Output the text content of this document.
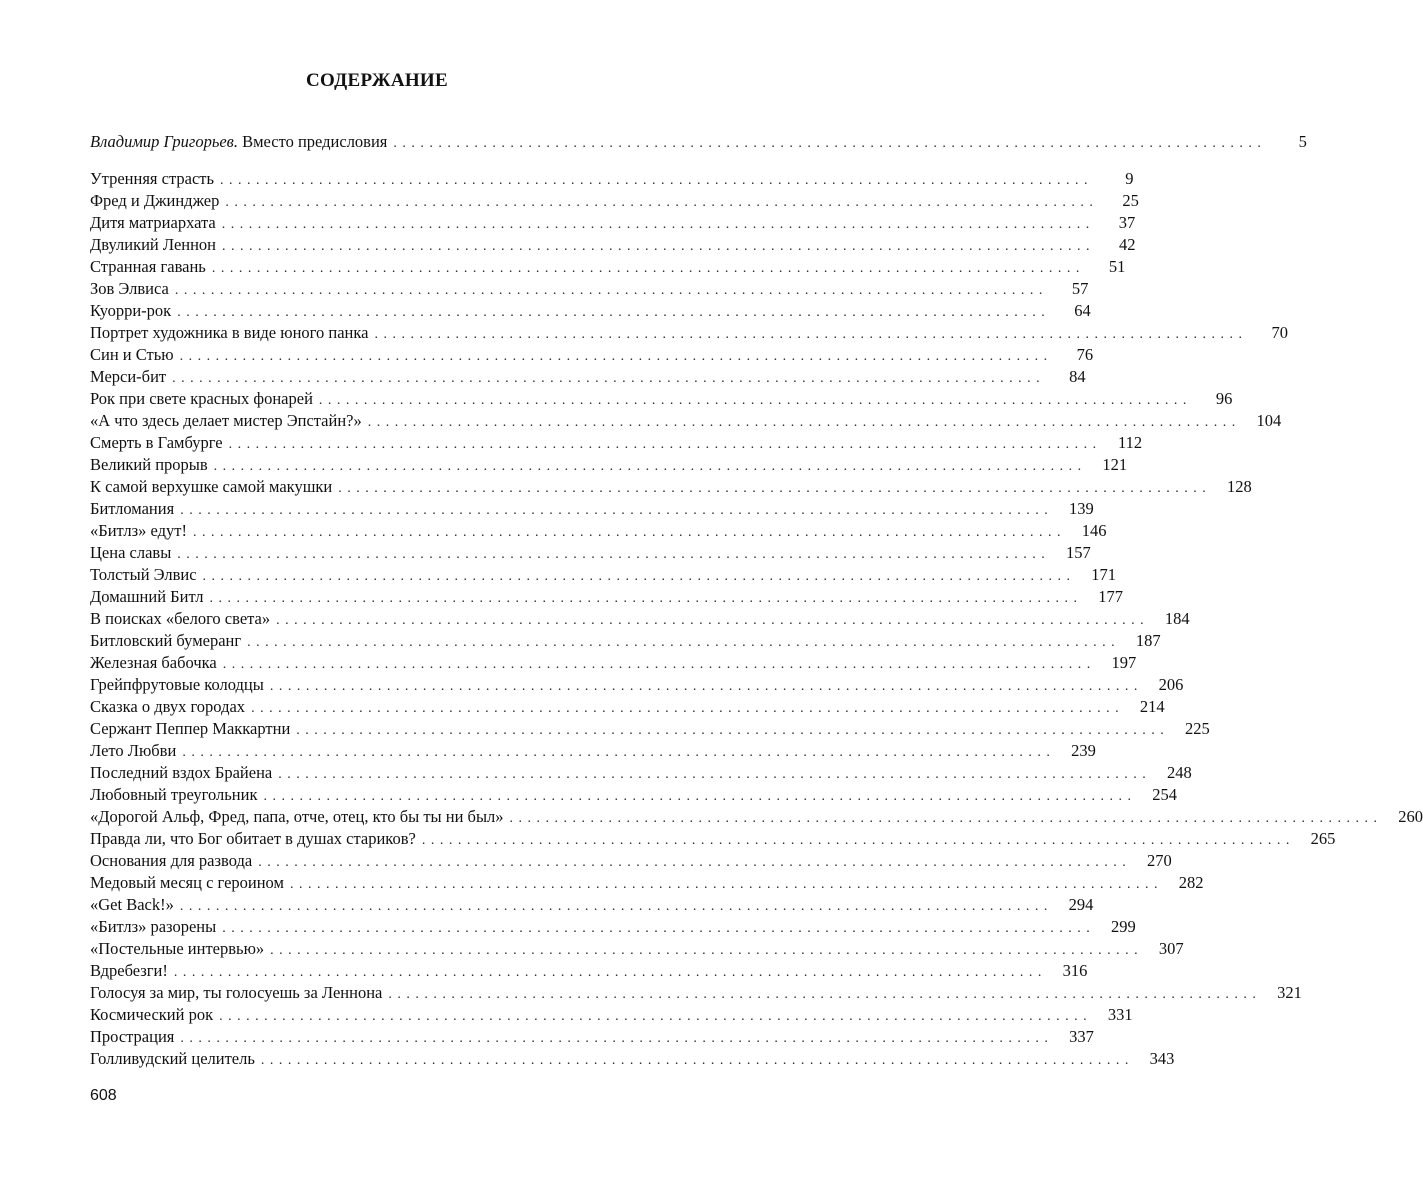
СОДЕРЖАНИЕ
Владимир Григорьев. Вместо предисловия . . .	5
Утренняя страсть . . .	9
Фред и Джинджер . . .	25
Дитя матриархата . . .	37
Двуликий Леннон . . .	42
Странная гавань . . .	51
Зов Элвиса . . .	57
Куорри-рок . . .	64
Портрет художника в виде юного панка . . .	70
Син и Стью . . .	76
Мерси-бит . . .	84
Рок при свете красных фонарей . . .	96
«А что здесь делает мистер Эпстайн?» . . .	104
Смерть в Гамбурге . . .	112
Великий прорыв . . .	121
К самой верхушке самой макушки . . .	128
Битломания . . .	139
«Битлз» едут! . . .	146
Цена славы . . .	157
Толстый Элвис . . .	171
Домашний Битл . . .	177
В поисках «белого света» . . .	184
Битловский бумеранг . . .	187
Железная бабочка . . .	197
Грейпфрутовые колодцы . . .	206
Сказка о двух городах . . .	214
Сержант Пеппер Маккартни . . .	225
Лето Любви . . .	239
Последний вздох Брайена . . .	248
Любовный треугольник . . .	254
«Дорогой Альф, Фред, папа, отче, отец, кто бы ты ни был» . . .	260
Правда ли, что Бог обитает в душах стариков? . . .	265
Основания для развода . . .	270
Медовый месяц с героином . . .	282
«Get Back!» . . .	294
«Битлз» разорены . . .	299
«Постельные интервью» . . .	307
Вдребезги! . . .	316
Голосуя за мир, ты голосуешь за Леннона . . .	321
Космический рок . . .	331
Прострация . . .	337
Голливудский целитель . . .	343
608
